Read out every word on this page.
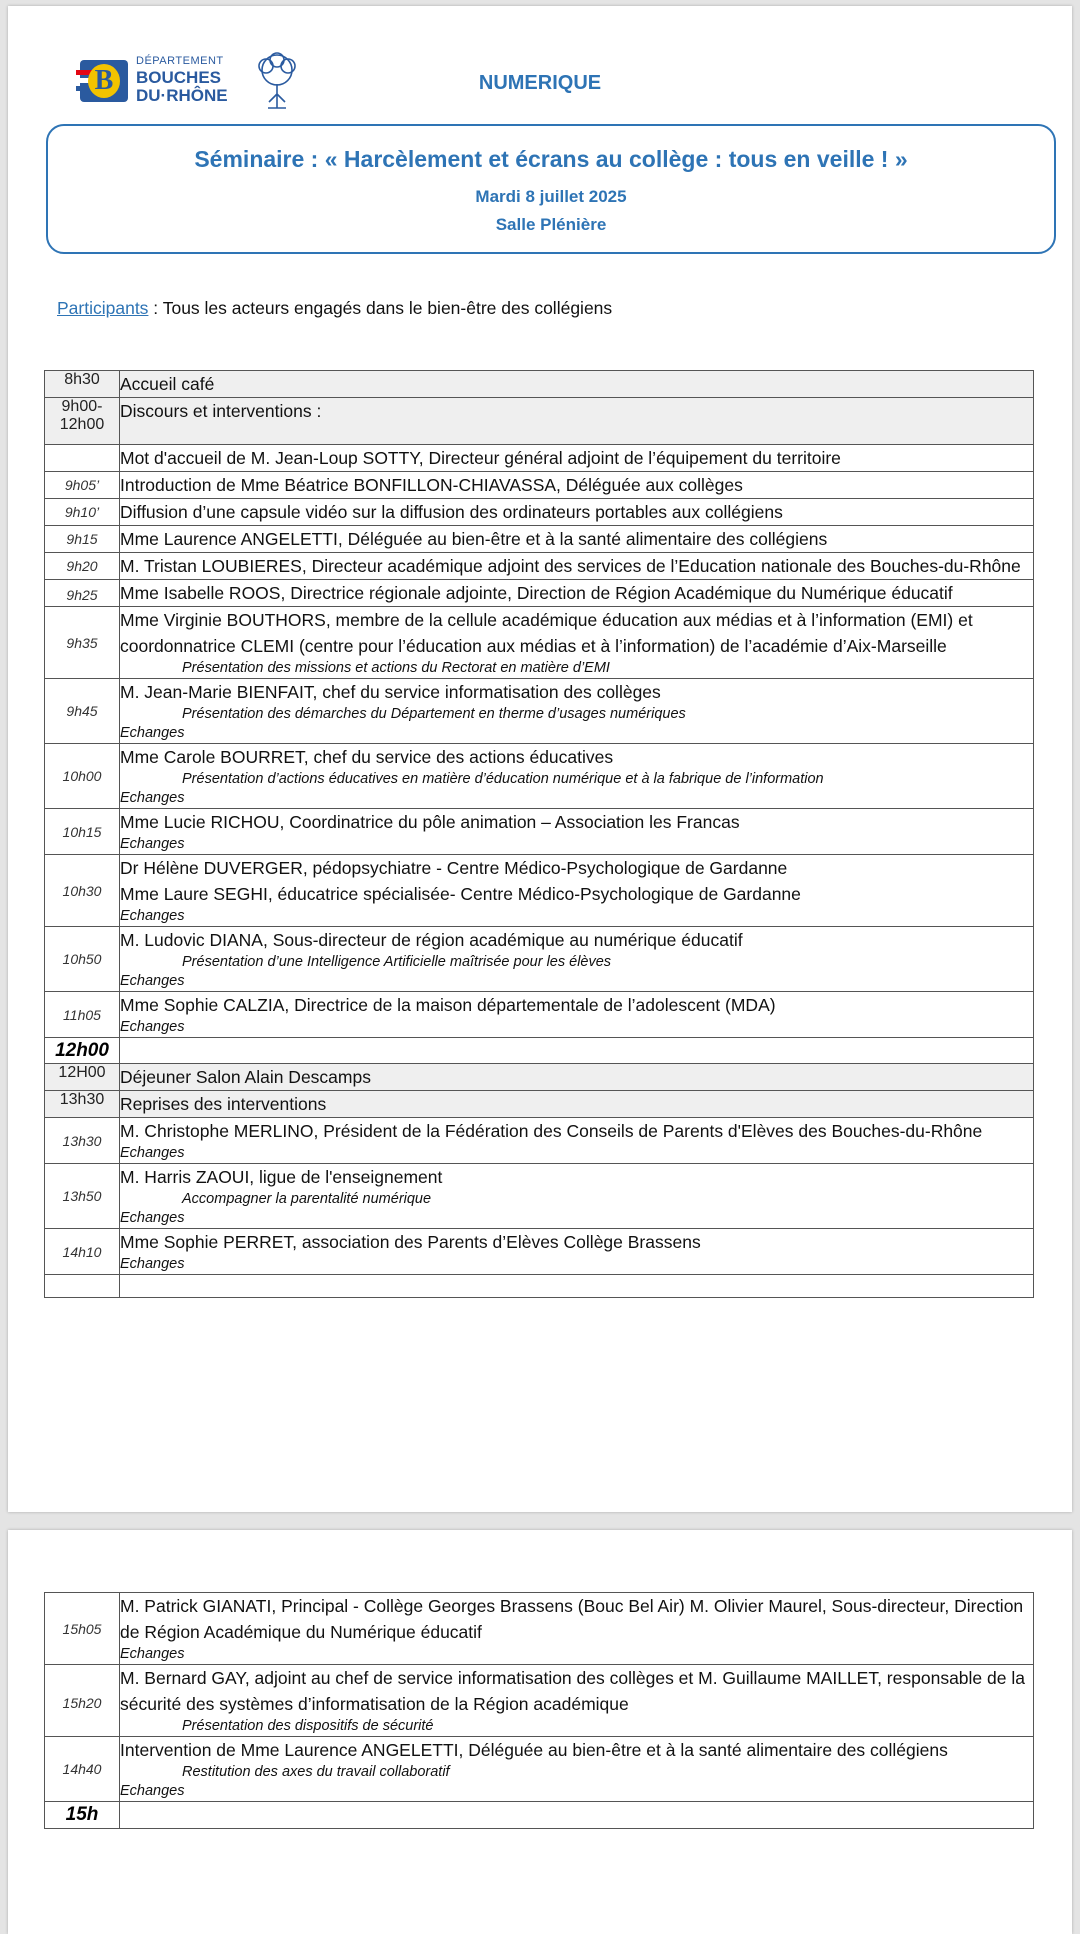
B
DÉPARTEMENT
BOUCHES
DU·RHÔNE
NUMERIQUE
Séminaire : « Harcèlement et écrans au collège : tous en veille ! »
Mardi 8 juillet 2025
Salle Plénière
Participants : Tous les acteurs engagés dans le bien-être des collégiens
8h30	Accueil café

9h00-
12h00	Discours et interventions :

	Mot d'accueil de M. Jean-Loup SOTTY, Directeur général adjoint de l’équipement du territoire

9h05’	Introduction de Mme Béatrice BONFILLON-CHIAVASSA, Déléguée aux collèges

9h10’	Diffusion d’une capsule vidéo sur la diffusion des ordinateurs portables aux collégiens

9h15	Mme Laurence ANGELETTI, Déléguée au bien-être et à la santé alimentaire des collégiens

9h20	M. Tristan LOUBIERES, Directeur académique adjoint des services de l’Education nationale des Bouches-du-Rhône

9h25	Mme Isabelle ROOS, Directrice régionale adjointe, Direction de Région Académique du Numérique éducatif

9h35	Mme Virginie BOUTHORS, membre de la cellule académique éducation aux médias et à l’information (EMI) et coordonnatrice CLEMI (centre pour l’éducation aux médias et à l’information) de l’académie d’Aix-Marseille
Présentation des missions et actions du Rectorat en matière d’EMI

9h45	M. Jean-Marie BIENFAIT, chef du service informatisation des collèges
Présentation des démarches du Département en therme d’usages numériques
Echanges

10h00	Mme Carole BOURRET, chef du service des actions éducatives
Présentation d’actions éducatives en matière d’éducation numérique et à la fabrique de l’information
Echanges

10h15	Mme Lucie RICHOU, Coordinatrice du pôle animation – Association les Francas
Echanges

10h30	Dr Hélène DUVERGER, pédopsychiatre - Centre Médico-Psychologique de Gardanne
Mme Laure SEGHI, éducatrice spécialisée- Centre Médico-Psychologique de Gardanne
Echanges

10h50	M. Ludovic DIANA, Sous-directeur de région académique au numérique éducatif
Présentation d’une Intelligence Artificielle maîtrisée pour les élèves
Echanges

11h05	Mme Sophie CALZIA, Directrice de la maison départementale de l’adolescent (MDA)
Echanges

12h00	
12H00	Déjeuner Salon Alain Descamps

13h30	Reprises des interventions

13h30	M. Christophe MERLINO, Président de la Fédération des Conseils de Parents d'Elèves des Bouches-du-Rhône
Echanges

13h50	M. Harris ZAOUI, ligue de l'enseignement
Accompagner la parentalité numérique
Echanges

14h10	Mme Sophie PERRET, association des Parents d’Elèves Collège Brassens
Echanges

15h05	M. Patrick GIANATI, Principal - Collège Georges Brassens (Bouc Bel Air) M. Olivier Maurel, Sous-directeur, Direction de Région Académique du Numérique éducatif
Echanges

15h20	M. Bernard GAY, adjoint au chef de service informatisation des collèges et M. Guillaume MAILLET, responsable de la sécurité des systèmes d’informatisation de la Région académique
Présentation des dispositifs de sécurité

14h40	Intervention de Mme Laurence ANGELETTI, Déléguée au bien-être et à la santé alimentaire des collégiens
Restitution des axes du travail collaboratif
Echanges

15h	
